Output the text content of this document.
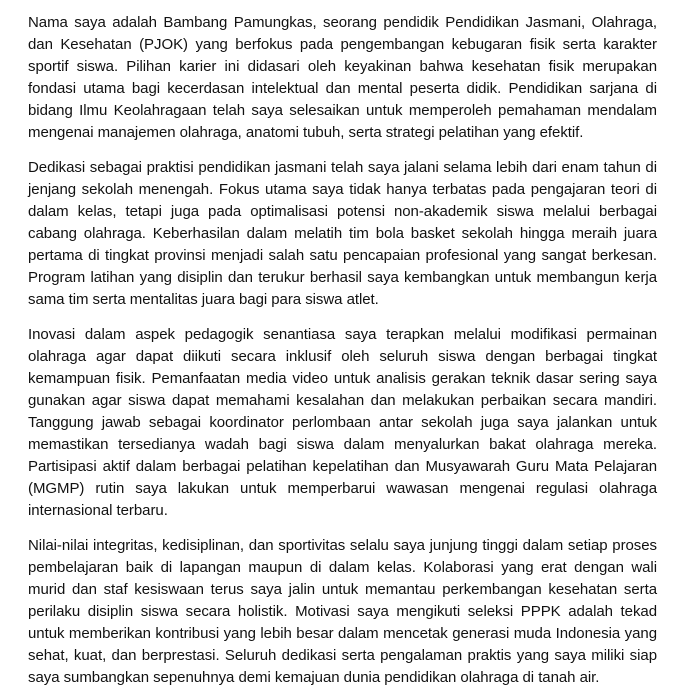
Nama saya adalah Bambang Pamungkas, seorang pendidik Pendidikan Jasmani, Olahraga, dan Kesehatan (PJOK) yang berfokus pada pengembangan kebugaran fisik serta karakter sportif siswa. Pilihan karier ini didasari oleh keyakinan bahwa kesehatan fisik merupakan fondasi utama bagi kecerdasan intelektual dan mental peserta didik. Pendidikan sarjana di bidang Ilmu Keolahragaan telah saya selesaikan untuk memperoleh pemahaman mendalam mengenai manajemen olahraga, anatomi tubuh, serta strategi pelatihan yang efektif.

Dedikasi sebagai praktisi pendidikan jasmani telah saya jalani selama lebih dari enam tahun di jenjang sekolah menengah. Fokus utama saya tidak hanya terbatas pada pengajaran teori di dalam kelas, tetapi juga pada optimalisasi potensi non-akademik siswa melalui berbagai cabang olahraga. Keberhasilan dalam melatih tim bola basket sekolah hingga meraih juara pertama di tingkat provinsi menjadi salah satu pencapaian profesional yang sangat berkesan. Program latihan yang disiplin dan terukur berhasil saya kembangkan untuk membangun kerja sama tim serta mentalitas juara bagi para siswa atlet.

Inovasi dalam aspek pedagogik senantiasa saya terapkan melalui modifikasi permainan olahraga agar dapat diikuti secara inklusif oleh seluruh siswa dengan berbagai tingkat kemampuan fisik. Pemanfaatan media video untuk analisis gerakan teknik dasar sering saya gunakan agar siswa dapat memahami kesalahan dan melakukan perbaikan secara mandiri. Tanggung jawab sebagai koordinator perlombaan antar sekolah juga saya jalankan untuk memastikan tersedianya wadah bagi siswa dalam menyalurkan bakat olahraga mereka. Partisipasi aktif dalam berbagai pelatihan kepelatihan dan Musyawarah Guru Mata Pelajaran (MGMP) rutin saya lakukan untuk memperbarui wawasan mengenai regulasi olahraga internasional terbaru.

Nilai-nilai integritas, kedisiplinan, dan sportivitas selalu saya junjung tinggi dalam setiap proses pembelajaran baik di lapangan maupun di dalam kelas. Kolaborasi yang erat dengan wali murid dan staf kesiswaan terus saya jalin untuk memantau perkembangan kesehatan serta perilaku disiplin siswa secara holistik. Motivasi saya mengikuti seleksi PPPK adalah tekad untuk memberikan kontribusi yang lebih besar dalam mencetak generasi muda Indonesia yang sehat, kuat, dan berprestasi. Seluruh dedikasi serta pengalaman praktis yang saya miliki siap saya sumbangkan sepenuhnya demi kemajuan dunia pendidikan olahraga di tanah air.
